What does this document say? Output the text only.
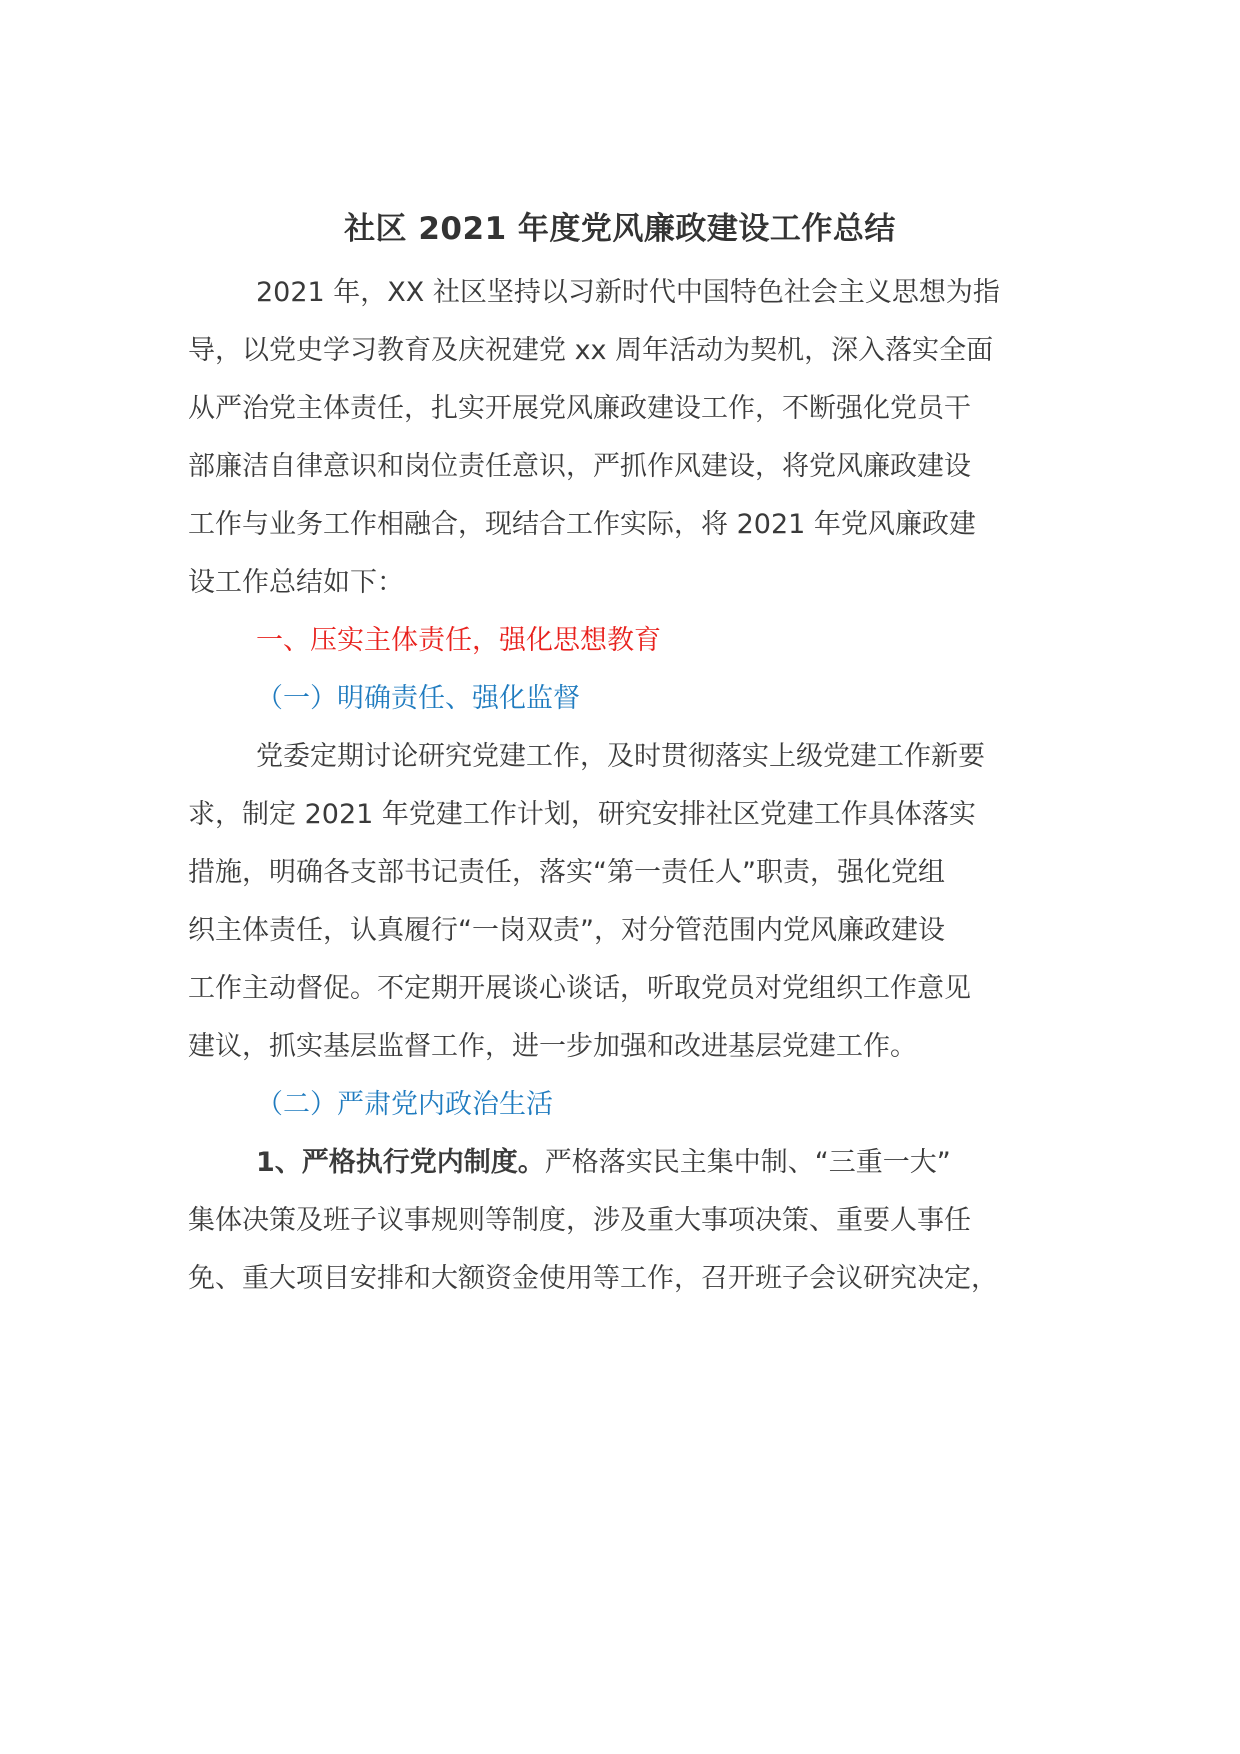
社区 2021 年度党风廉政建设工作总结
2021 年，XX 社区坚持以习新时代中国特色社会主义思想为指
导，以党史学习教育及庆祝建党 xx 周年活动为契机，深入落实全面
从严治党主体责任，扎实开展党风廉政建设工作，不断强化党员干
部廉洁自律意识和岗位责任意识，严抓作风建设，将党风廉政建设
工作与业务工作相融合，现结合工作实际，将 2021 年党风廉政建
设工作总结如下：
一、压实主体责任，强化思想教育
（一）明确责任、强化监督
党委定期讨论研究党建工作，及时贯彻落实上级党建工作新要
求，制定 2021 年党建工作计划，研究安排社区党建工作具体落实
措施，明确各支部书记责任，落实“第一责任人”职责，强化党组
织主体责任，认真履行“一岗双责”，对分管范围内党风廉政建设
工作主动督促。不定期开展谈心谈话，听取党员对党组织工作意见
建议，抓实基层监督工作，进一步加强和改进基层党建工作。
（二）严肃党内政治生活
1、严格执行党内制度。严格落实民主集中制、“三重一大”
集体决策及班子议事规则等制度，涉及重大事项决策、重要人事任
免、重大项目安排和大额资金使用等工作，召开班子会议研究决定，
